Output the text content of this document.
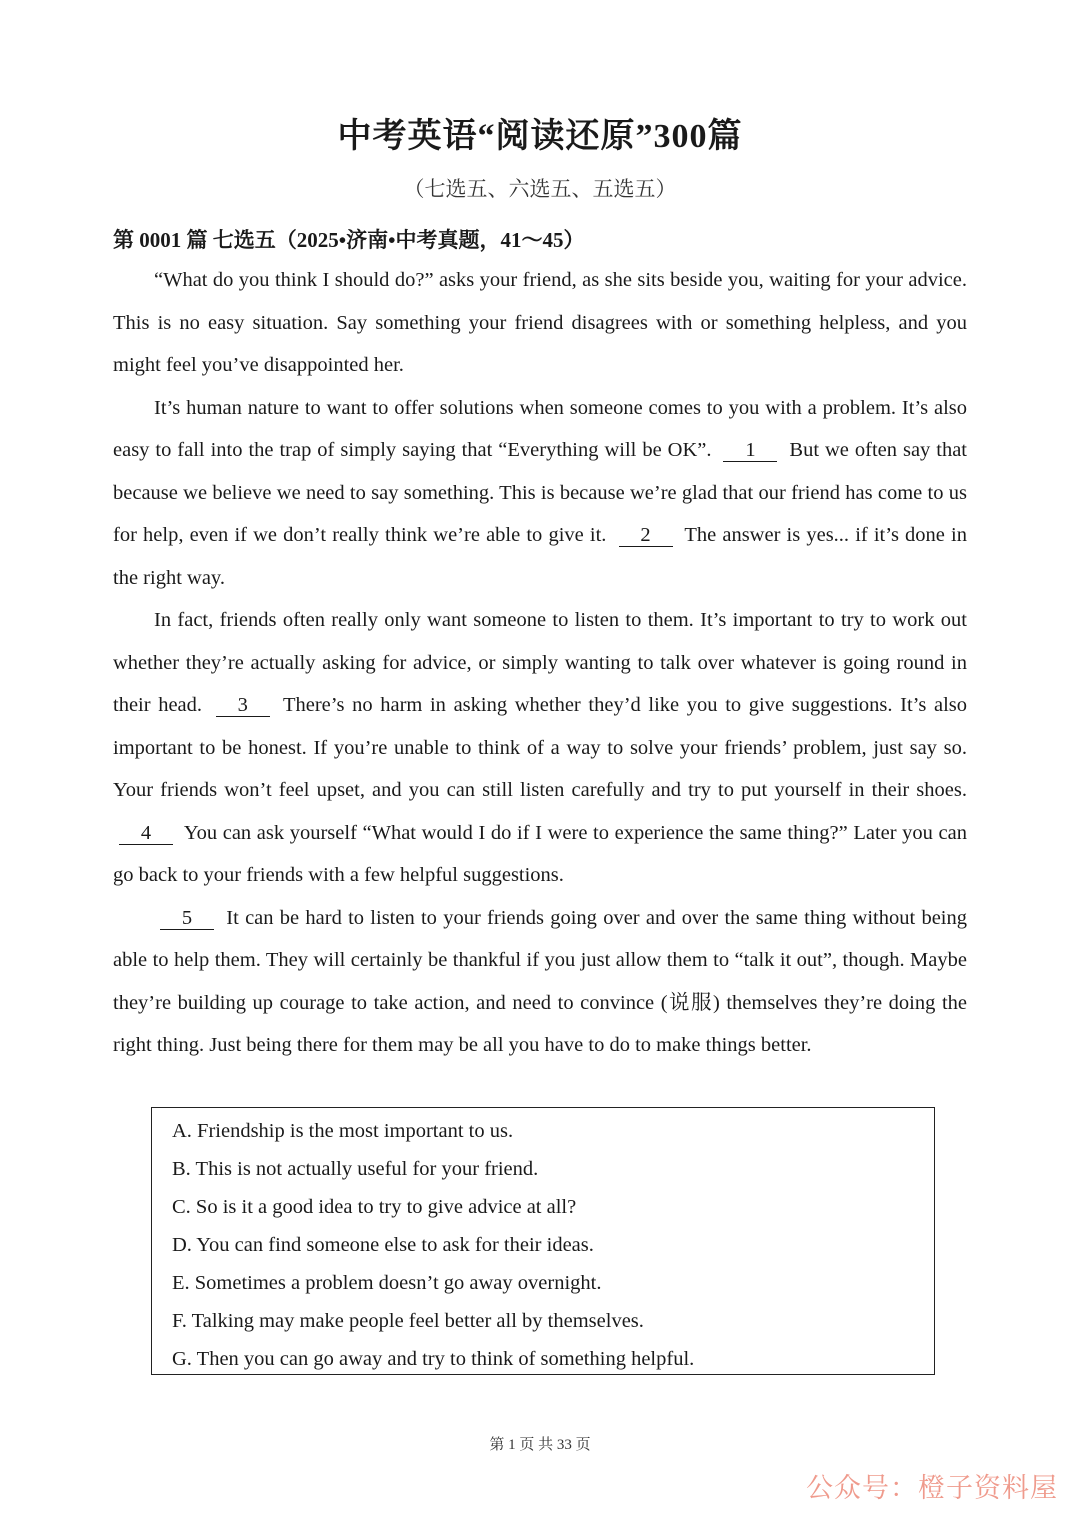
中考英语“阅读还原”300篇
（七选五、六选五、五选五）
第 0001 篇 七选五（2025•济南•中考真题，41～45）

“What do you think I should do?” asks your friend, as she sits beside you, waiting for your advice. This is no easy situation. Say something your friend disagrees with or something helpless, and you might feel you’ve disappointed her.

It’s human nature to want to offer solutions when someone comes to you with a problem. It’s also easy to fall into the trap of simply saying that “Everything will be OK”. 1 But we often say that because we believe we need to say something. This is because we’re glad that our friend has come to us for help, even if we don’t really think we’re able to give it. 2 The answer is yes... if it’s done in the right way.

In fact, friends often really only want someone to listen to them. It’s important to try to work out whether they’re actually asking for advice, or simply wanting to talk over whatever is going round in their head. 3 There’s no harm in asking whether they’d like you to give suggestions. It’s also important to be honest. If you’re unable to think of a way to solve your friends’ problem, just say so. Your friends won’t feel upset, and you can still listen carefully and try to put yourself in their shoes. 4 You can ask yourself “What would I do if I were to experience the same thing?” Later you can go back to your friends with a few helpful suggestions.

5 It can be hard to listen to your friends going over and over the same thing without being able to help them. They will certainly be thankful if you just allow them to “talk it out”, though. Maybe they’re building up courage to take action, and need to convince (说服) themselves they’re doing the right thing. Just being there for them may be all you have to do to make things better.

A. Friendship is the most important to us.
B. This is not actually useful for your friend.
C. So is it a good idea to try to give advice at all?
D. You can find someone else to ask for their ideas.
E. Sometimes a problem doesn’t go away overnight.
F. Talking may make people feel better all by themselves.
G. Then you can go away and try to think of something helpful.
第 1 页 共 33 页
公众号：橙子资料屋
